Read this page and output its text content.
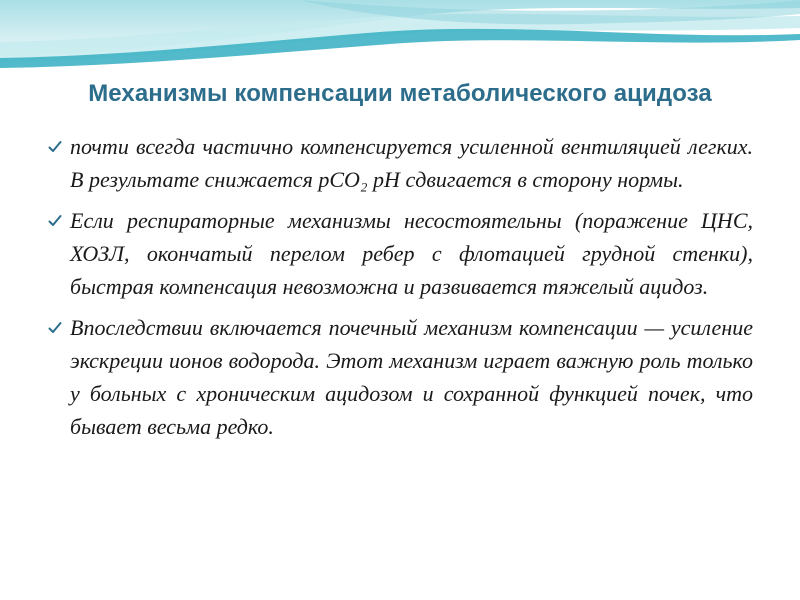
Механизмы компенсации метаболического ацидоза
почти всегда частично компенсируется усиленной вентиляцией легких. В результате снижается pCO₂ pH сдвигается в сторону нормы.
Если респираторные механизмы несостоятельны (поражение ЦНС, ХОЗЛ, окончатый перелом ребер с флотацией грудной стенки), быстрая компенсация невозможна и развивается тяжелый ацидоз.
Впоследствии включается почечный механизм компенсации — усиление экскреции ионов водорода. Этот механизм играет важную роль только у больных с хроническим ацидозом и сохранной функцией почек, что бывает весьма редко.
